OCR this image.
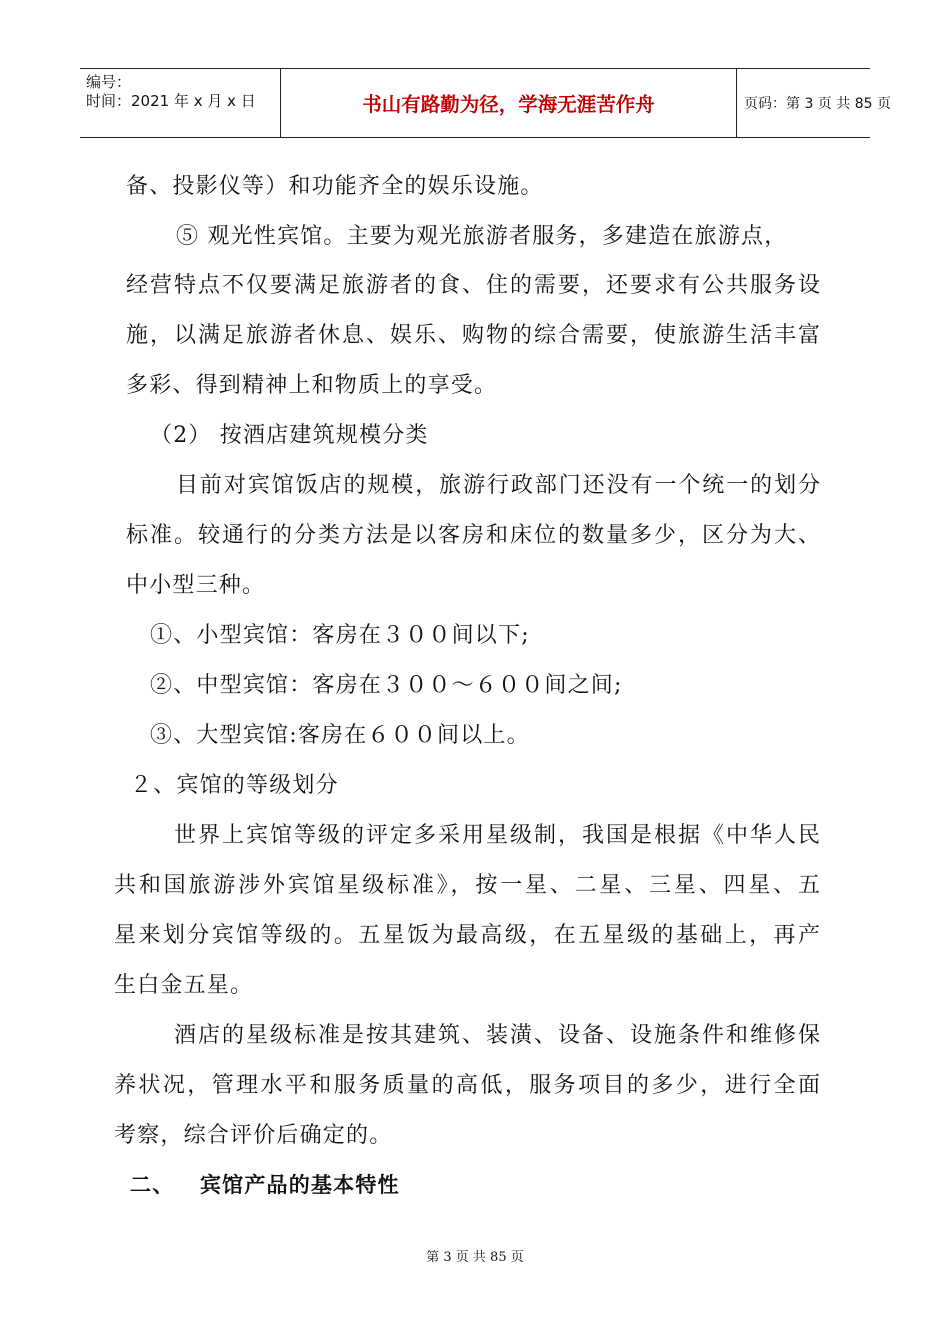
编号：
时间：2021 年 x 月 x 日	书山有路勤为径，学海无涯苦作舟	页码：第 3 页 共 85 页
备、投影仪等）和功能齐全的娱乐设施。
⑤ 观光性宾馆。主要为观光旅游者服务，多建造在旅游点，
经营特点不仅要满足旅游者的食、住的需要，还要求有公共服务设
施，以满足旅游者休息、娱乐、购物的综合需要，使旅游生活丰富
多彩、得到精神上和物质上的享受。
（2） 按酒店建筑规模分类
目前对宾馆饭店的规模，旅游行政部门还没有一个统一的划分
标准。较通行的分类方法是以客房和床位的数量多少，区分为大、
中小型三种。
①、小型宾馆：客房在３００间以下;
②、中型宾馆：客房在３００～６００间之间;
③、大型宾馆:客房在６００间以上。
２、宾馆的等级划分
世界上宾馆等级的评定多采用星级制，我国是根据《中华人民
共和国旅游涉外宾馆星级标准》，按一星、二星、三星、四星、五
星来划分宾馆等级的。五星饭为最高级，在五星级的基础上，再产
生白金五星。
酒店的星级标准是按其建筑、装潢、设备、设施条件和维修保
养状况，管理水平和服务质量的高低，服务项目的多少，进行全面
考察，综合评价后确定的。
二、   宾馆产品的基本特性
第 3 页 共 85 页
